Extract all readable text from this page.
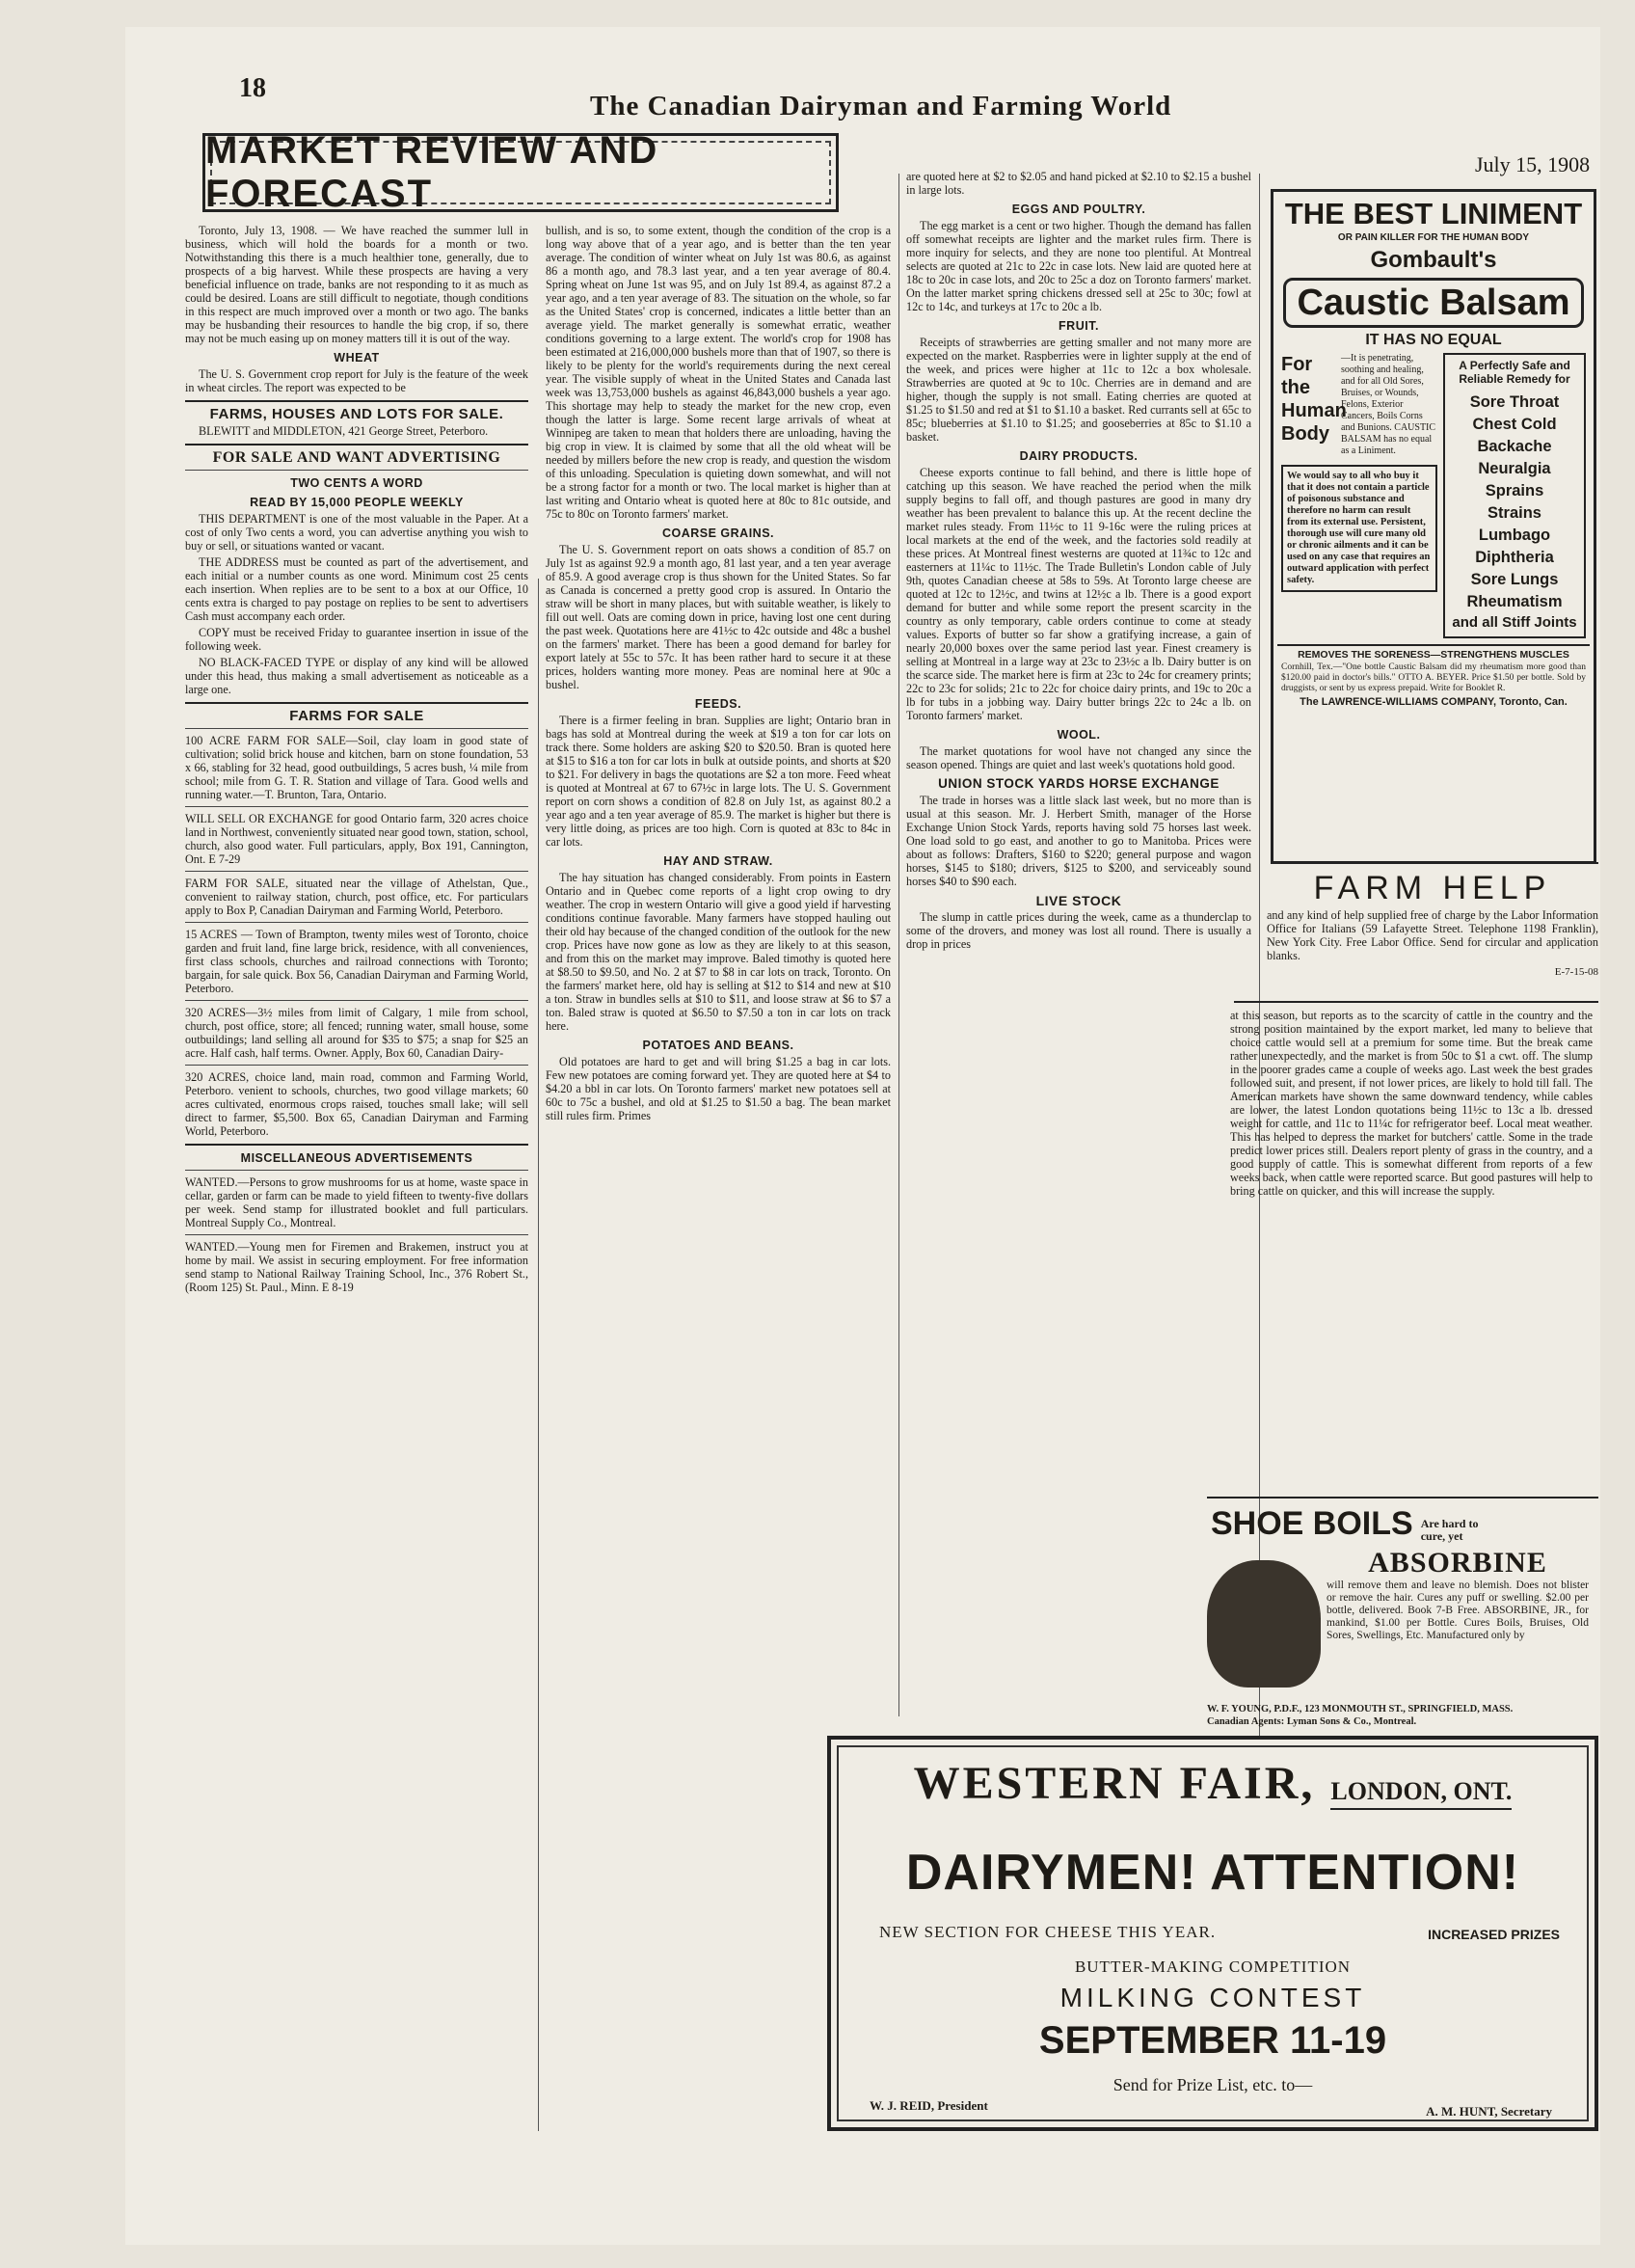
18
The Canadian Dairyman and Farming World
July 15, 1908
MARKET REVIEW AND FORECAST

Toronto, July 13, 1908. — We have reached the summer lull in business, which will hold the boards for a month or two. Notwithstanding this there is a much healthier tone, generally, due to prospects of a big harvest. While these prospects are having a very beneficial influence on trade, banks are not responding to it as much as could be desired. Loans are still difficult to negotiate, though conditions in this respect are much improved over a month or two ago. The banks may be husbanding their resources to handle the big crop, if so, there may not be much easing up on money matters till it is out of the way.

WHEAT

The U. S. Government crop report for July is the feature of the week in wheat circles. The report was expected to be

FARMS, HOUSES AND LOTS FOR SALE.

BLEWITT and MIDDLETON, 421 George Street, Peterboro.

FOR SALE AND WANT ADVERTISING
TWO CENTS A WORD
READ BY 15,000 PEOPLE WEEKLY

THIS DEPARTMENT is one of the most valuable in the Paper. At a cost of only Two cents a word, you can advertise anything you wish to buy or sell, or situations wanted or vacant.

THE ADDRESS must be counted as part of the advertisement, and each initial or a number counts as one word. Minimum cost 25 cents each insertion. When replies are to be sent to a box at our Office, 10 cents extra is charged to pay postage on replies to be sent to advertisers Cash must accompany each order.

COPY must be received Friday to guarantee insertion in issue of the following week.

NO BLACK-FACED TYPE or display of any kind will be allowed under this head, thus making a small advertisement as noticeable as a large one.

FARMS FOR SALE

100 ACRE FARM FOR SALE—Soil, clay loam in good state of cultivation; solid brick house and kitchen, barn on stone foundation, 53 x 66, stabling for 32 head, good outbuildings, 5 acres bush, ¼ mile from school; mile from G. T. R. Station and village of Tara. Good wells and running water.—T. Brunton, Tara, Ontario.

WILL SELL OR EXCHANGE for good Ontario farm, 320 acres choice land in Northwest, conveniently situated near good town, station, school, church, also good water. Full particulars, apply, Box 191, Cannington, Ont. E 7-29

FARM FOR SALE, situated near the village of Athelstan, Que., convenient to railway station, church, post office, etc. For particulars apply to Box P, Canadian Dairyman and Farming World, Peterboro.

15 ACRES — Town of Brampton, twenty miles west of Toronto, choice garden and fruit land, fine large brick, residence, with all conveniences, first class schools, churches and railroad connections with Toronto; bargain, for sale quick. Box 56, Canadian Dairyman and Farming World, Peterboro.

320 ACRES—3½ miles from limit of Calgary, 1 mile from school, church, post office, store; all fenced; running water, small house, some outbuildings; land selling all around for $35 to $75; a snap for $25 an acre. Half cash, half terms. Owner. Apply, Box 60, Canadian Dairy-

320 ACRES, choice land, main road, common and Farming World, Peterboro. venient to schools, churches, two good village markets; 60 acres cultivated, enormous crops raised, touches small lake; will sell direct to farmer, $5,500. Box 65, Canadian Dairyman and Farming World, Peterboro.

MISCELLANEOUS ADVERTISEMENTS

WANTED.—Persons to grow mushrooms for us at home, waste space in cellar, garden or farm can be made to yield fifteen to twenty-five dollars per week. Send stamp for illustrated booklet and full particulars. Montreal Supply Co., Montreal.

WANTED.—Young men for Firemen and Brakemen, instruct you at home by mail. We assist in securing employment. For free information send stamp to National Railway Training School, Inc., 376 Robert St., (Room 125) St. Paul., Minn. E 8-19

bullish, and is so, to some extent, though the condition of the crop is a long way above that of a year ago, and is better than the ten year average. The condition of winter wheat on July 1st was 80.6, as against 86 a month ago, and 78.3 last year, and a ten year average of 80.4. Spring wheat on June 1st was 95, and on July 1st 89.4, as against 87.2 a year ago, and a ten year average of 83. The situation on the whole, so far as the United States' crop is concerned, indicates a little better than an average yield. The market generally is somewhat erratic, weather conditions governing to a large extent. The world's crop for 1908 has been estimated at 216,000,000 bushels more than that of 1907, so there is likely to be plenty for the world's requirements during the next cereal year. The visible supply of wheat in the United States and Canada last week was 13,753,000 bushels as against 46,843,000 bushels a year ago. This shortage may help to steady the market for the new crop, even though the latter is large. Some recent large arrivals of wheat at Winnipeg are taken to mean that holders there are unloading, having the big crop in view. It is claimed by some that all the old wheat will be needed by millers before the new crop is ready, and question the wisdom of this unloading. Speculation is quieting down somewhat, and will not be a strong factor for a month or two. The local market is higher than at last writing and Ontario wheat is quoted here at 80c to 81c outside, and 75c to 80c on Toronto farmers' market.

COARSE GRAINS.

The U. S. Government report on oats shows a condition of 85.7 on July 1st as against 92.9 a month ago, 81 last year, and a ten year average of 85.9. A good average crop is thus shown for the United States. So far as Canada is concerned a pretty good crop is assured. In Ontario the straw will be short in many places, but with suitable weather, is likely to fill out well. Oats are coming down in price, having lost one cent during the past week. Quotations here are 41½c to 42c outside and 48c a bushel on the farmers' market. There has been a good demand for barley for export lately at 55c to 57c. It has been rather hard to secure it at these prices, holders wanting more money. Peas are nominal here at 90c a bushel.

FEEDS.

There is a firmer feeling in bran. Supplies are light; Ontario bran in bags has sold at Montreal during the week at $19 a ton for car lots on track there. Some holders are asking $20 to $20.50. Bran is quoted here at $15 to $16 a ton for car lots in bulk at outside points, and shorts at $20 to $21. For delivery in bags the quotations are $2 a ton more. Feed wheat is quoted at Montreal at 67 to 67½c in large lots. The U. S. Government report on corn shows a condition of 82.8 on July 1st, as against 80.2 a year ago and a ten year average of 85.9. The market is higher but there is very little doing, as prices are too high. Corn is quoted at 83c to 84c in car lots.

HAY AND STRAW.

The hay situation has changed considerably. From points in Eastern Ontario and in Quebec come reports of a light crop owing to dry weather. The crop in western Ontario will give a good yield if harvesting conditions continue favorable. Many farmers have stopped hauling out their old hay because of the changed condition of the outlook for the new crop. Prices have now gone as low as they are likely to at this season, and from this on the market may improve. Baled timothy is quoted here at $8.50 to $9.50, and No. 2 at $7 to $8 in car lots on track, Toronto. On the farmers' market here, old hay is selling at $12 to $14 and new at $10 a ton. Straw in bundles sells at $10 to $11, and loose straw at $6 to $7 a ton. Baled straw is quoted at $6.50 to $7.50 a ton in car lots on track here.

POTATOES AND BEANS.

Old potatoes are hard to get and will bring $1.25 a bag in car lots. Few new potatoes are coming forward yet. They are quoted here at $4 to $4.20 a bbl in car lots. On Toronto farmers' market new potatoes sell at 60c to 75c a bushel, and old at $1.25 to $1.50 a bag. The bean market still rules firm. Primes

are quoted here at $2 to $2.05 and hand picked at $2.10 to $2.15 a bushel in large lots.

EGGS AND POULTRY.

The egg market is a cent or two higher. Though the demand has fallen off somewhat receipts are lighter and the market rules firm. There is more inquiry for selects, and they are none too plentiful. At Montreal selects are quoted at 21c to 22c in case lots. New laid are quoted here at 18c to 20c in case lots, and 20c to 25c a doz on Toronto farmers' market. On the latter market spring chickens dressed sell at 25c to 30c; fowl at 12c to 14c, and turkeys at 17c to 20c a lb.

FRUIT.

Receipts of strawberries are getting smaller and not many more are expected on the market. Raspberries were in lighter supply at the end of the week, and prices were higher at 11c to 12c a box wholesale. Strawberries are quoted at 9c to 10c. Cherries are in demand and are higher, though the supply is not small. Eating cherries are quoted at $1.25 to $1.50 and red at $1 to $1.10 a basket. Red currants sell at 65c to 85c; blueberries at $1.10 to $1.25; and gooseberries at 85c to $1.10 a basket.

DAIRY PRODUCTS.

Cheese exports continue to fall behind, and there is little hope of catching up this season. We have reached the period when the milk supply begins to fall off, and though pastures are good in many dry weather has been prevalent to balance this up. At the recent decline the market rules steady. From 11½c to 11 9-16c were the ruling prices at local markets at the end of the week, and the factories sold readily at these prices. At Montreal finest westerns are quoted at 11¾c to 12c and easterners at 11¼c to 11½c. The Trade Bulletin's London cable of July 9th, quotes Canadian cheese at 58s to 59s. At Toronto large cheese are quoted at 12c to 12½c, and twins at 12½c a lb. There is a good export demand for butter and while some report the present scarcity in the country as only temporary, cable orders continue to come at steady values. Exports of butter so far show a gratifying increase, a gain of nearly 20,000 boxes over the same period last year. Finest creamery is selling at Montreal in a large way at 23c to 23½c a lb. Dairy butter is on the scarce side. The market here is firm at 23c to 24c for creamery prints; 22c to 23c for solids; 21c to 22c for choice dairy prints, and 19c to 20c a lb for tubs in a jobbing way. Dairy butter brings 22c to 24c a lb. on Toronto farmers' market.

WOOL.

The market quotations for wool have not changed any since the season opened. Things are quiet and last week's quotations hold good.

UNION STOCK YARDS HORSE EXCHANGE

The trade in horses was a little slack last week, but no more than is usual at this season. Mr. J. Herbert Smith, manager of the Horse Exchange Union Stock Yards, reports having sold 75 horses last week. One load sold to go east, and another to go to Manitoba. Prices were about as follows: Drafters, $160 to $220; general purpose and wagon horses, $145 to $180; drivers, $125 to $200, and serviceably sound horses $40 to $90 each.

LIVE STOCK

The slump in cattle prices during the week, came as a thunderclap to some of the drovers, and money was lost all round. There is usually a drop in prices

THE BEST LINIMENT
OR PAIN KILLER FOR THE HUMAN BODY
Gombault's
Caustic Balsam
IT HAS NO EQUAL
For the Human Body
—It is penetrating, soothing and healing, and for all Old Sores, Bruises, or Wounds, Felons, Exterior Cancers, Boils Corns and Bunions. CAUSTIC BALSAM has no equal as a Liniment.
We would say to all who buy it that it does not contain a particle of poisonous substance and therefore no harm can result from its external use. Persistent, thorough use will cure many old or chronic ailments and it can be used on any case that requires an outward application with perfect safety.
A Perfectly Safe and Reliable Remedy for
Sore Throat
Chest Cold
Backache
Neuralgia
Sprains
Strains
Lumbago
Diphtheria
Sore Lungs
Rheumatism
and all Stiff Joints
REMOVES THE SORENESS—STRENGTHENS MUSCLES
Cornhill, Tex.—"One bottle Caustic Balsam did my rheumatism more good than $120.00 paid in doctor's bills." OTTO A. BEYER. Price $1.50 per bottle. Sold by druggists, or sent by us express prepaid. Write for Booklet R.
The LAWRENCE-WILLIAMS COMPANY, Toronto, Can.
FARM HELP

and any kind of help supplied free of charge by the Labor Information Office for Italians (59 Lafayette Street. Telephone 1198 Franklin), New York City. Free Labor Office. Send for circular and application blanks.

E-7-15-08

at this season, but reports as to the scarcity of cattle in the country and the strong position maintained by the export market, led many to believe that choice cattle would sell at a premium for some time. But the break came rather unexpectedly, and the market is from 50c to $1 a cwt. off. The slump in the poorer grades came a couple of weeks ago. Last week the best grades followed suit, and present, if not lower prices, are likely to hold till fall. The American markets have shown the same downward tendency, while cables are lower, the latest London quotations being 11½c to 13c a lb. dressed weight for cattle, and 11c to 11¼c for refrigerator beef. Local meat weather. This has helped to depress the market for butchers' cattle. Some in the trade predict lower prices still. Dealers report plenty of grass in the country, and a good supply of cattle. This is somewhat different from reports of a few weeks back, when cattle were reported scarce. But good pastures will help to bring cattle on quicker, and this will increase the supply.

SHOE BOILS Are hard to cure, yet
ABSORBINE
will remove them and leave no blemish. Does not blister or remove the hair. Cures any puff or swelling. $2.00 per bottle, delivered. Book 7-B Free. ABSORBINE, JR., for mankind, $1.00 per Bottle. Cures Boils, Bruises, Old Sores, Swellings, Etc. Manufactured only by
W. F. YOUNG, P.D.F., 123 MONMOUTH ST., SPRINGFIELD, MASS.
Canadian Agents: Lyman Sons & Co., Montreal.
WESTERN FAIR, LONDON, ONT.
DAIRYMEN! ATTENTION!
NEW SECTION FOR CHEESE THIS YEAR.	INCREASED PRIZES
BUTTER-MAKING COMPETITION
MILKING CONTEST
SEPTEMBER 11-19
Send for Prize List, etc. to—
W. J. REID, President	A. M. HUNT, Secretary
